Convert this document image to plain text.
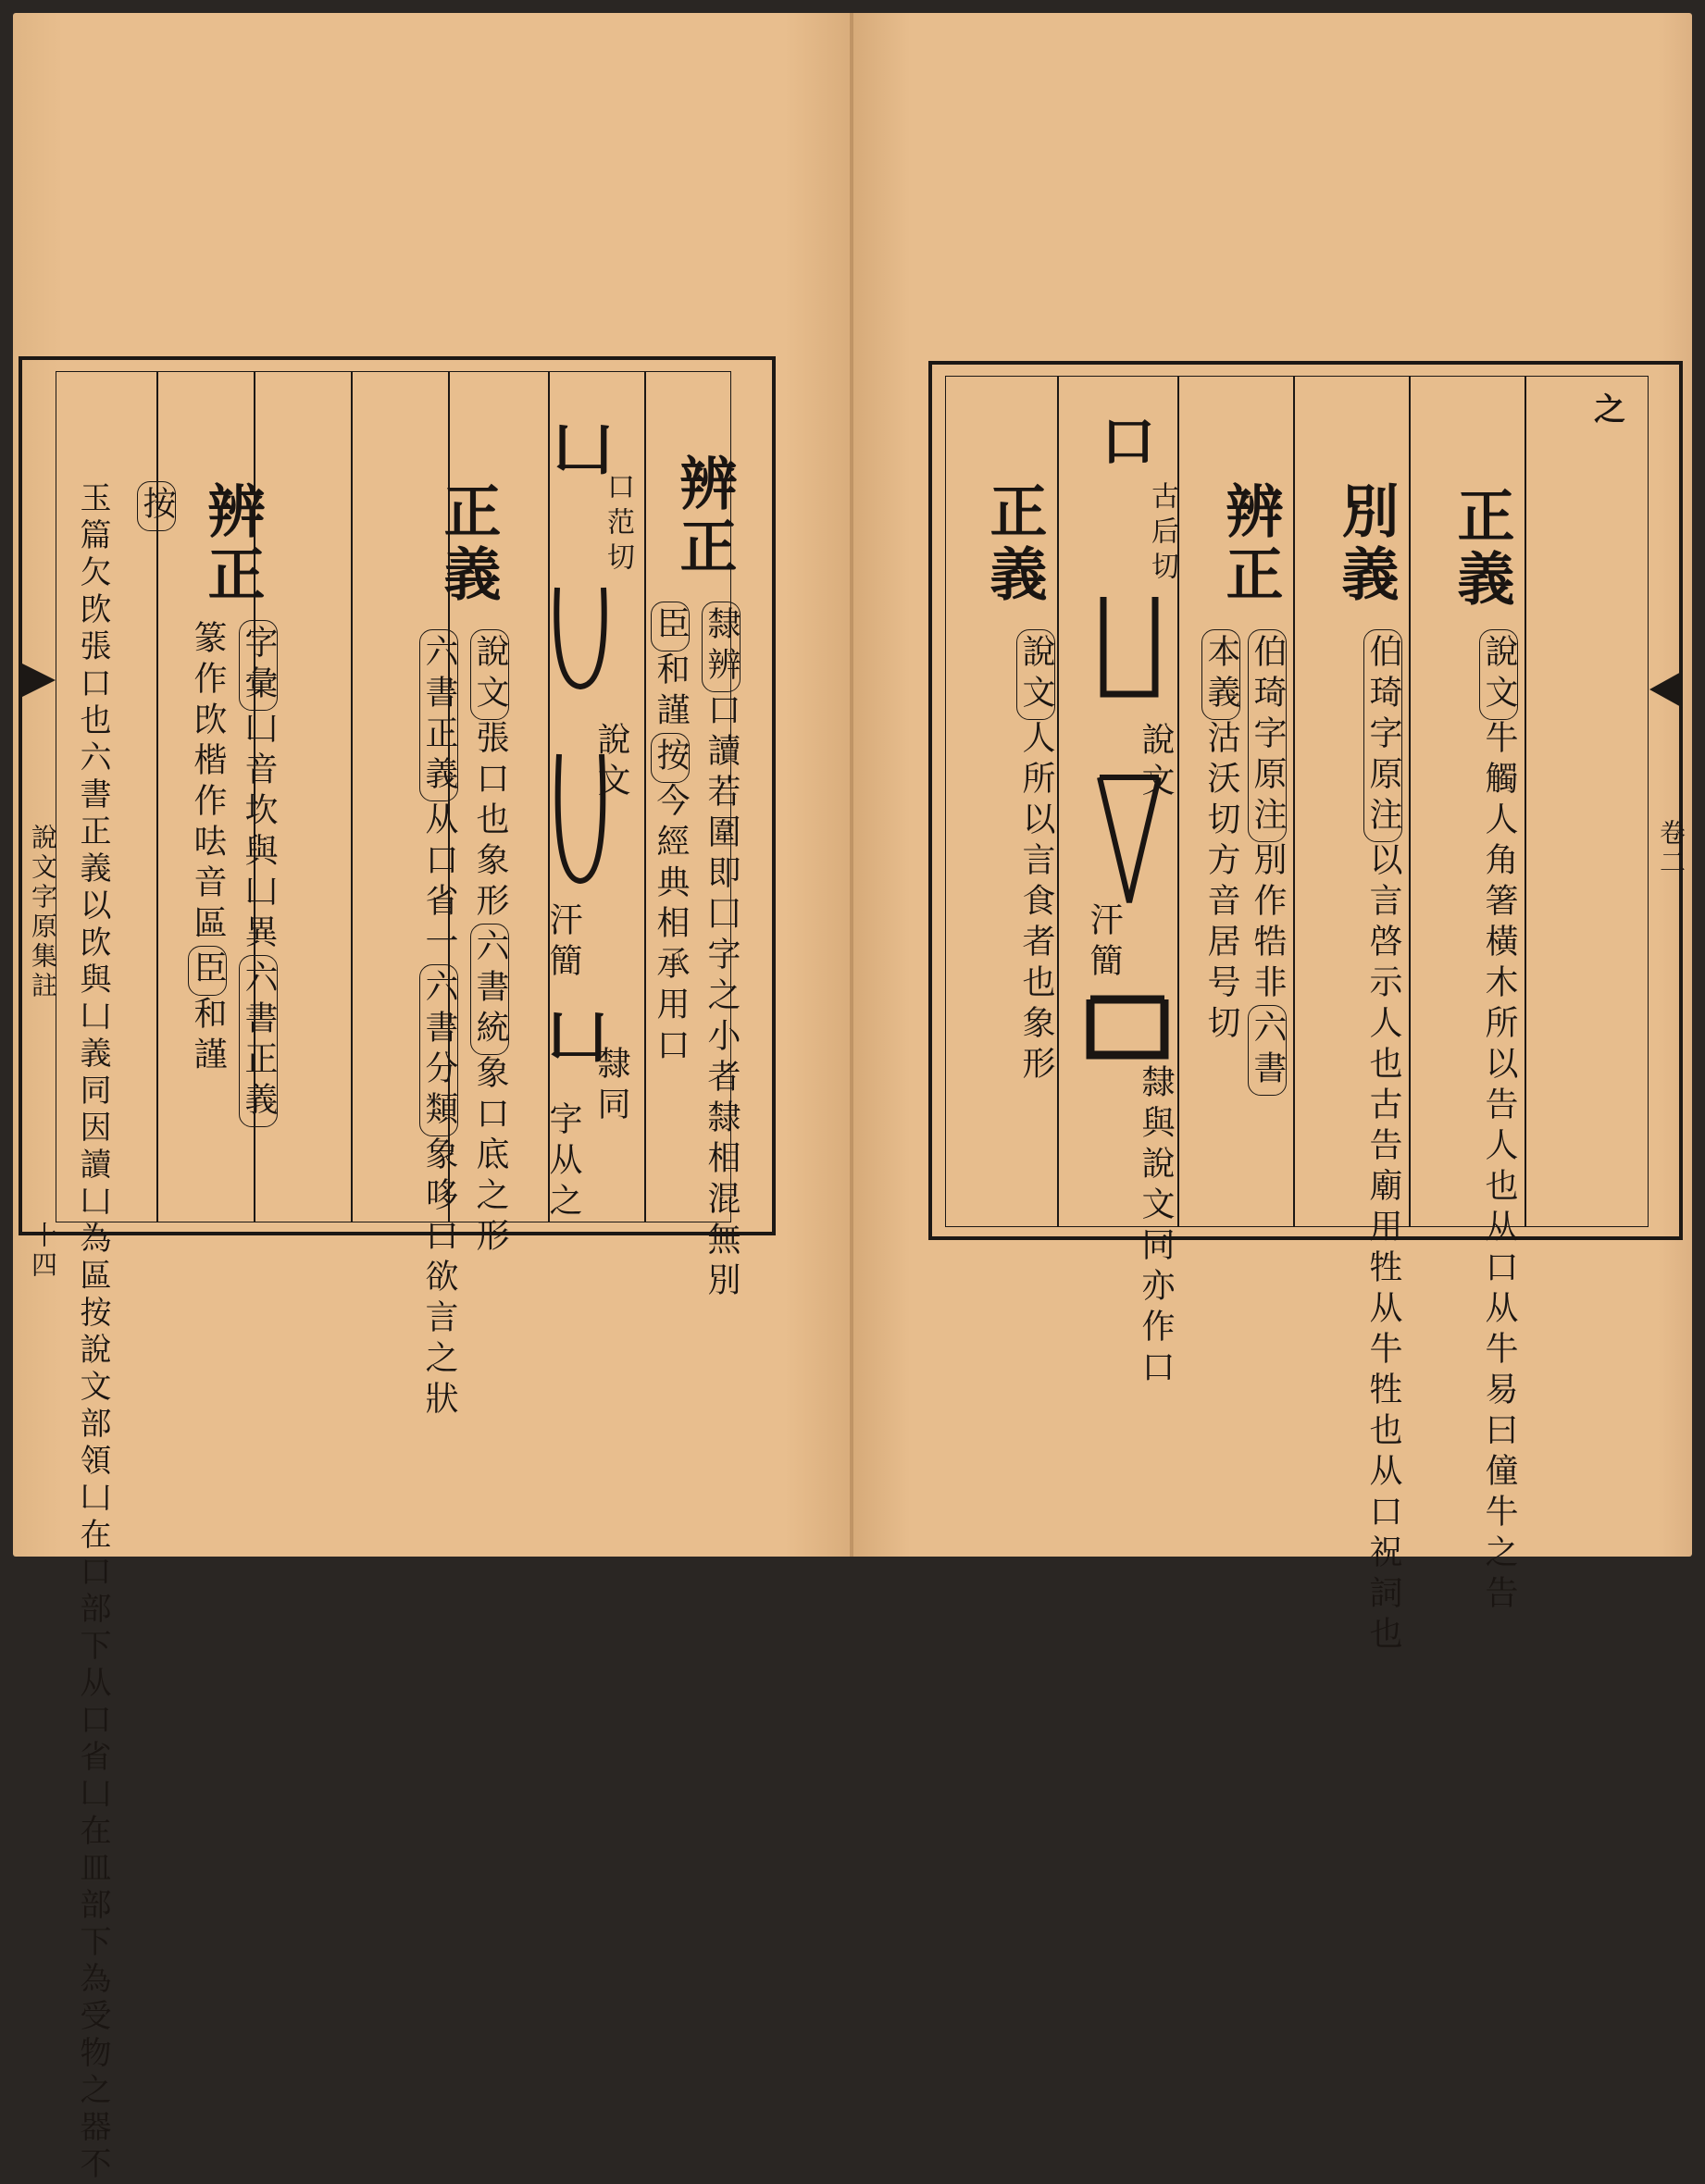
辨正
隸辨口讀若圍即囗字之小者隸相混無別
臣和謹按今經典相承用口
凵
口范切
說文
汗簡
凵
隸同
字从之
正義
說文張口也象形六書統象口底之形
六書正義从口省一六書分類象哆口欲言之狀
辨正
字彙凵音坎與凵異六書正義
篆作㰝楷作呿音區臣和謹
按
玉篇欠㰝張口也六書正義以㰝與凵義同因讀凵為區按說文部領凵在口部下从口省凵在皿部下為受物之器不
說文字原集註
十四
之
正義
說文牛觸人角箸橫木所以告人也从口从牛易曰僮牛之告
別義
伯琦字原注以言啓示人也古告廟用牲从牛牲也从口祝詞也
辨正
伯琦字原注別作牿非六書
本義沽沃切方音居号切
口
古后切
說文
汗簡
隸與說文同亦作口
正義
說文人所以言食者也象形	卷二
